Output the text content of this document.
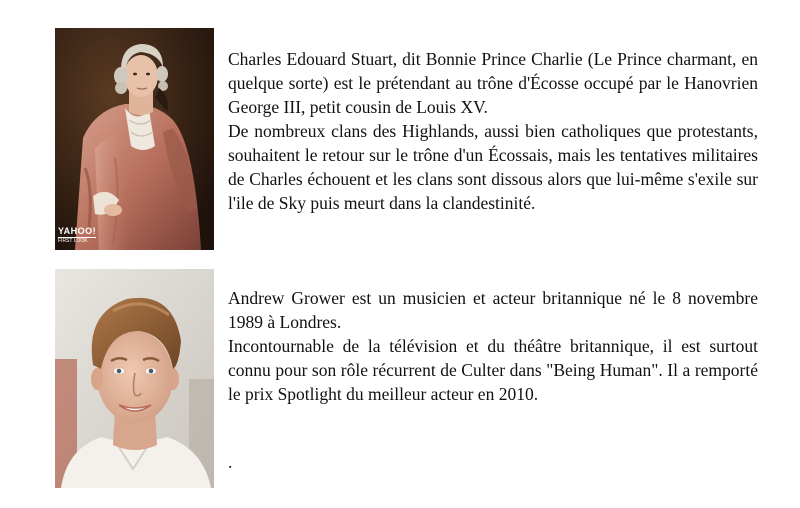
YAHOO!
FIRST LOOK

Charles Edouard Stuart, dit Bonnie Prince Charlie (Le Prince charmant, en quelque sorte) est le prétendant au trône d'Écosse occupé par le Hanovrien George III, petit cousin de Louis XV.

De nombreux clans des Highlands, aussi bien catholiques que protestants, souhaitent le retour sur le trône d'un Écossais, mais les tentatives militaires de Charles échouent et les clans sont dissous alors que lui-même s'exile sur l'ile de Sky puis meurt dans la clandestinité.

Andrew Grower est un musicien et acteur britannique né le 8 novembre 1989 à Londres.

Incontournable de la télévision et du théâtre britannique, il est surtout connu pour son rôle récurrent de Culter dans "Being Human". Il a remporté le prix Spotlight du meilleur acteur en 2010.

.
